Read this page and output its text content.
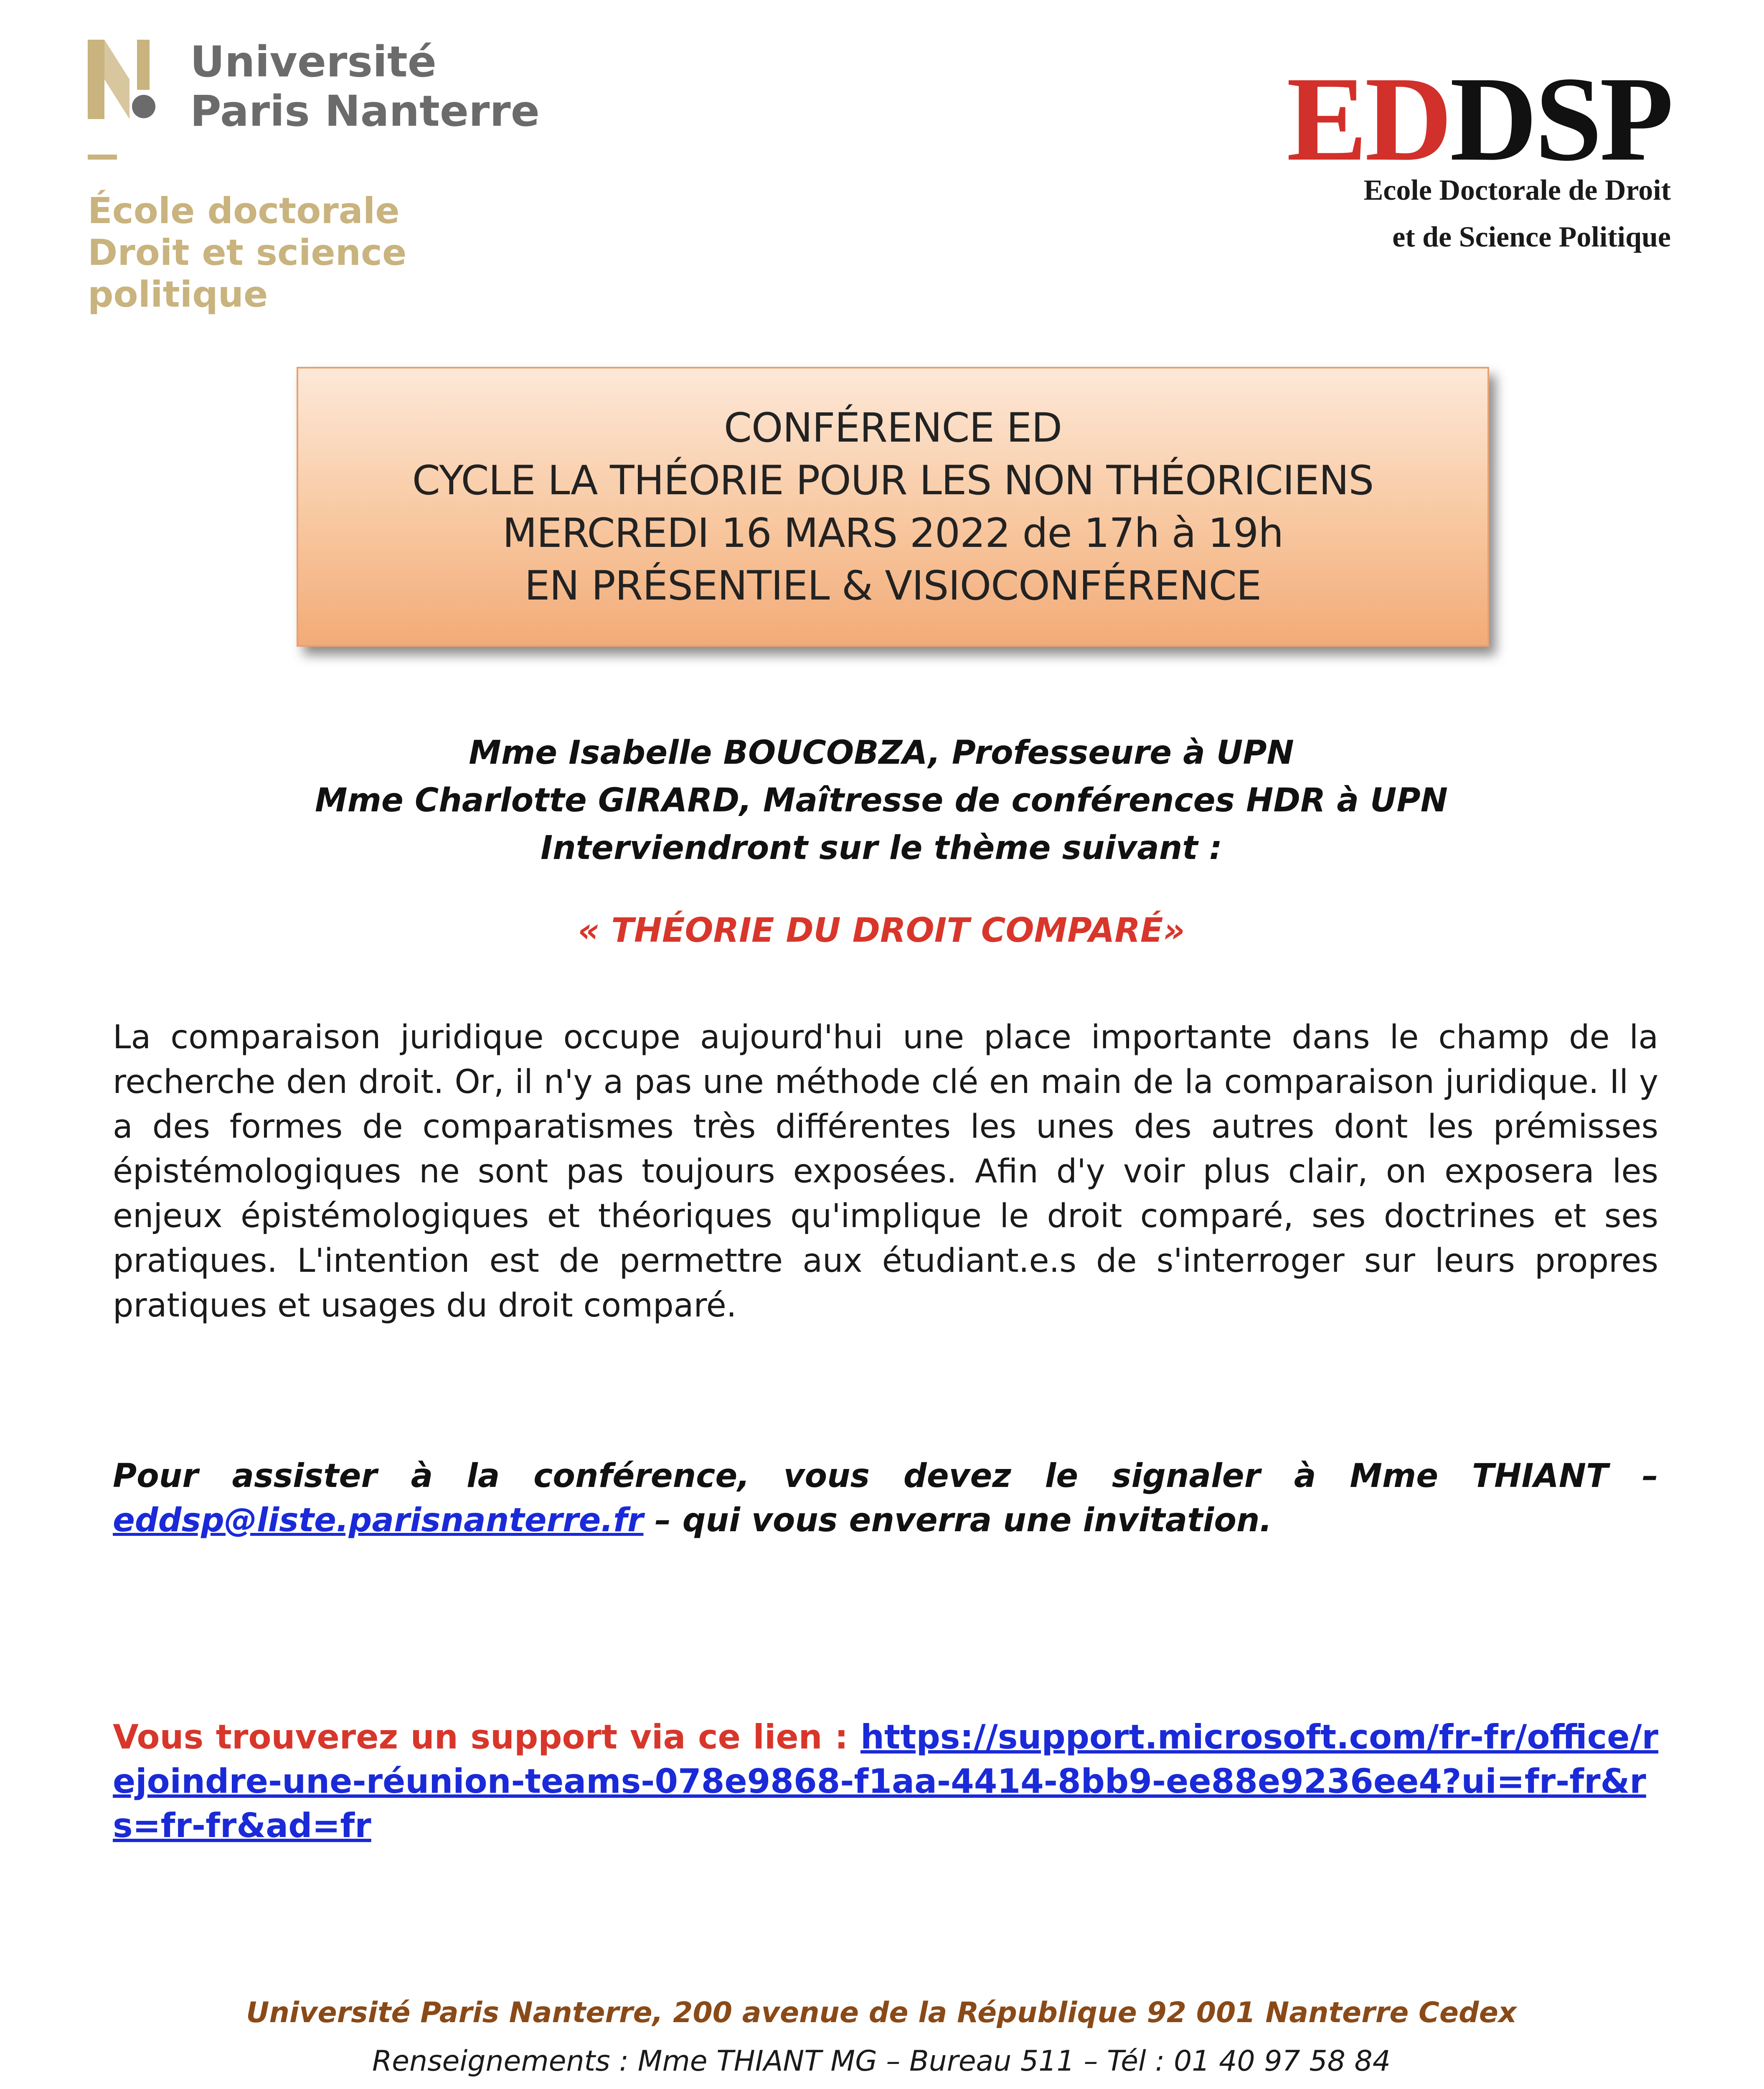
Université
Paris Nanterre
École doctorale
Droit et science politique
EDDSP
Ecole Doctorale de Droit
et de Science Politique
CONFÉRENCE ED
CYCLE LA THÉORIE POUR LES NON THÉORICIENS
MERCREDI 16 MARS 2022 de 17h à 19h
EN PRÉSENTIEL & VISIOCONFÉRENCE
Mme Isabelle BOUCOBZA, Professeure à UPN
Mme Charlotte GIRARD, Maîtresse de conférences HDR à UPN
Interviendront sur le thème suivant :
« THÉORIE DU DROIT COMPARÉ»
La comparaison juridique occupe aujourd'hui une place importante dans le champ de la recherche den droit. Or, il n'y a pas une méthode clé en main de la comparaison juridique. Il y a des formes de comparatismes très différentes les unes des autres dont les prémisses épistémologiques ne sont pas toujours exposées. Afin d'y voir plus clair, on exposera les enjeux épistémologiques et théoriques qu'implique le droit comparé, ses doctrines et ses pratiques. L'intention est de permettre aux étudiant.e.s de s'interroger sur leurs propres pratiques et usages du droit comparé.
Pour assister à la conférence, vous devez le signaler à Mme THIANT – eddsp@liste.parisnanterre.fr – qui vous enverra une invitation.
Vous trouverez un support via ce lien : https://support.microsoft.com/fr-fr/office/rejoindre-une-réunion-teams-078e9868-f1aa-4414-8bb9-ee88e9236ee4?ui=fr-fr&rs=fr-fr&ad=fr
Université Paris Nanterre, 200 avenue de la République 92 001 Nanterre Cedex
Renseignements : Mme THIANT MG – Bureau 511 – Tél : 01 40 97 58 84
